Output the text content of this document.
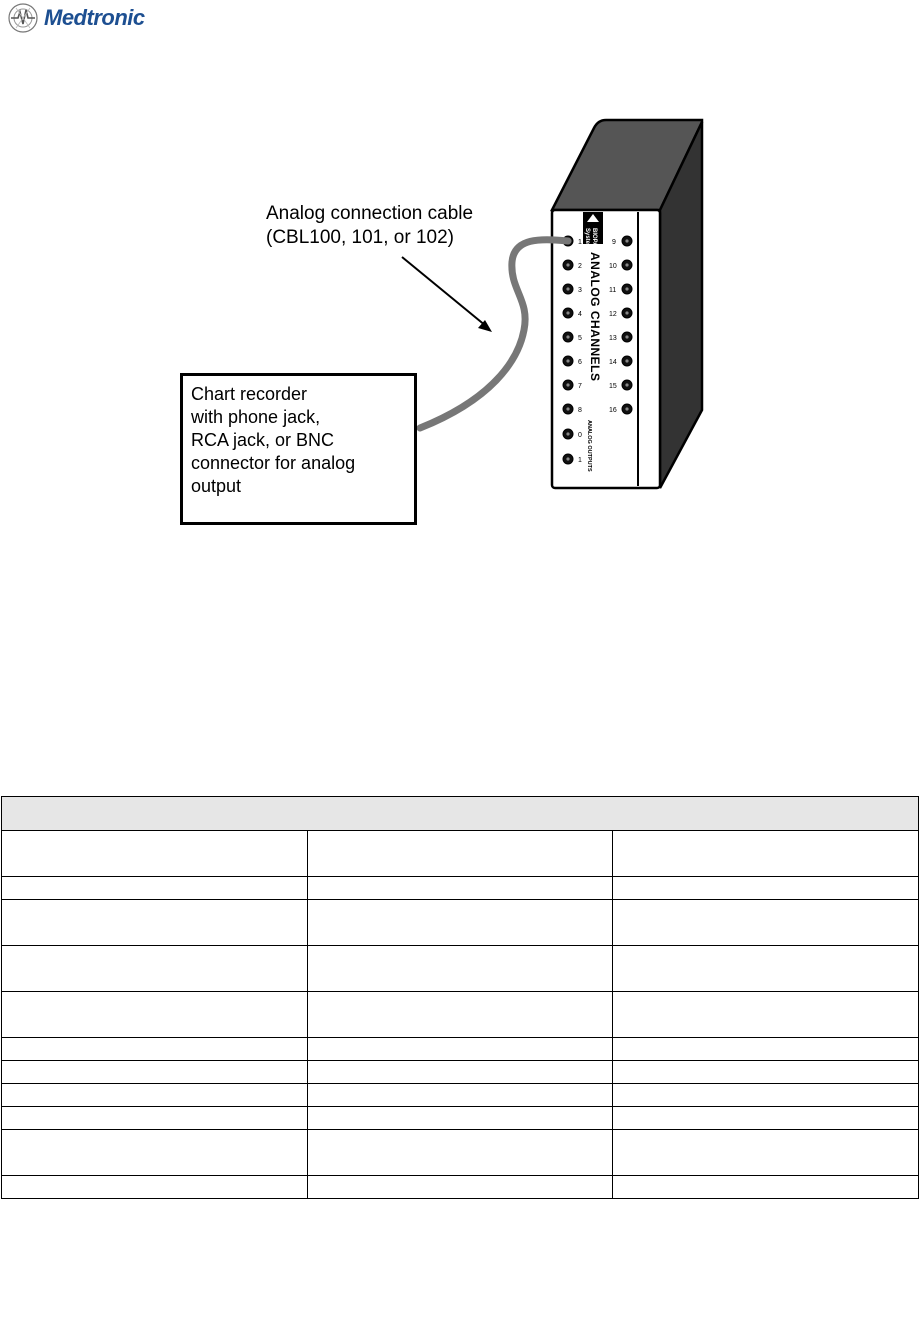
Medtronic
BIOPAC
Systems
ANALOG CHANNELS
ANALOG OUTPUTS
1
2
3
4
5
6
7
8
9
10
11
12
13
14
15
16
0
1
Analog connection cable
(CBL100, 101, or 102)
Chart recorder
with phone jack,
RCA jack, or BNC
connector for analog
output
